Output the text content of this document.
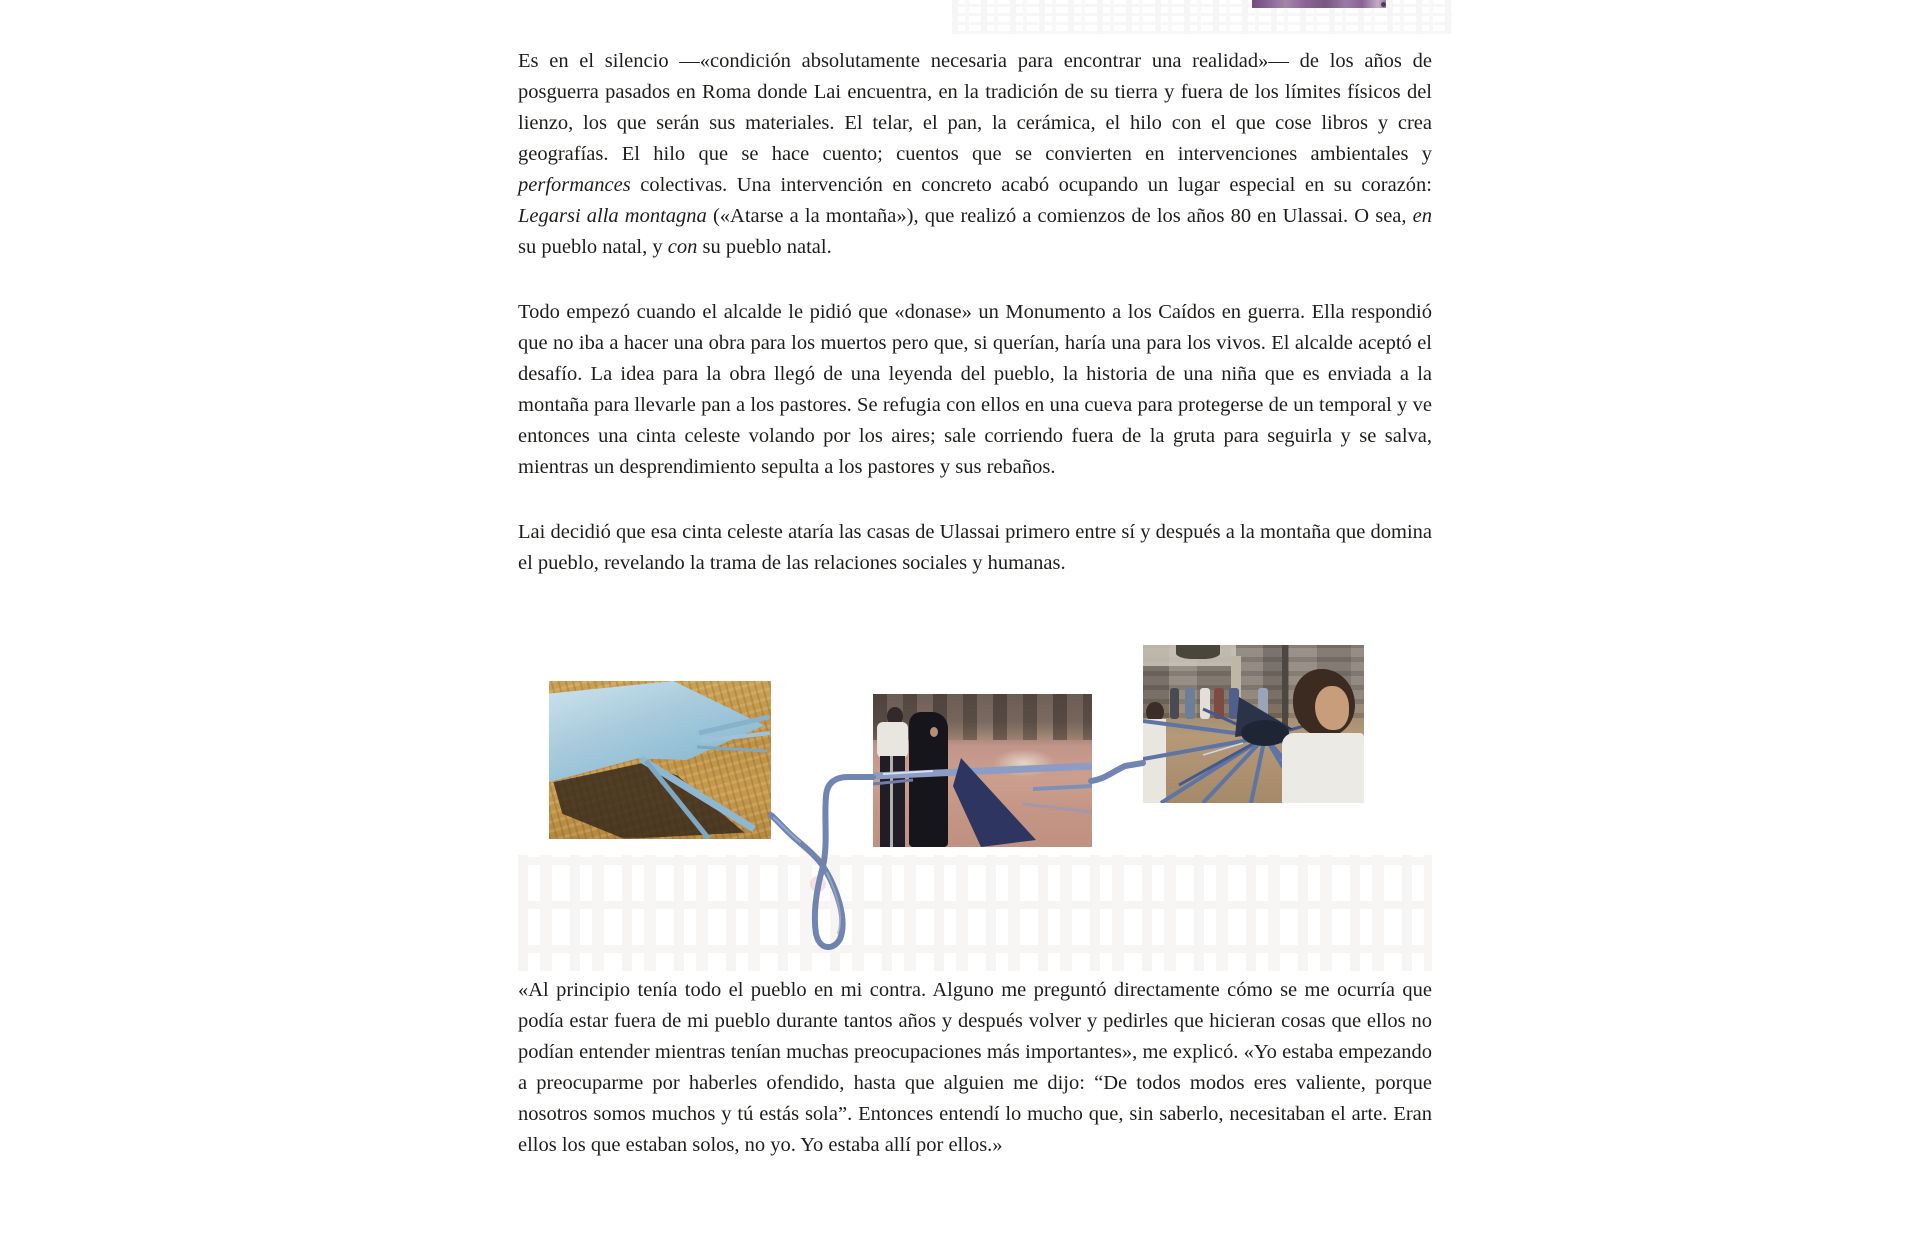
Es en el silencio —«condición absolutamente necesaria para encontrar una realidad»— de los años de posguerra pasados en Roma donde Lai encuentra, en la tradición de su tierra y fuera de los límites físicos del lienzo, los que serán sus materiales. El telar, el pan, la cerámica, el hilo con el que cose libros y crea geografías. El hilo que se hace cuento; cuentos que se convierten en intervenciones ambientales y performances colectivas. Una intervención en concreto acabó ocupando un lugar especial en su corazón: Legarsi alla montagna («Atarse a la montaña»), que realizó a comienzos de los años 80 en Ulassai. O sea, en su pueblo natal, y con su pueblo natal.

Todo empezó cuando el alcalde le pidió que «donase» un Monumento a los Caídos en guerra. Ella respondió que no iba a hacer una obra para los muertos pero que, si querían, haría una para los vivos. El alcalde aceptó el desafío. La idea para la obra llegó de una leyenda del pueblo, la historia de una niña que es enviada a la montaña para llevarle pan a los pastores. Se refugia con ellos en una cueva para protegerse de un temporal y ve entonces una cinta celeste volando por los aires; sale corriendo fuera de la gruta para seguirla y se salva, mientras un desprendimiento sepulta a los pastores y sus rebaños.

Lai decidió que esa cinta celeste ataría las casas de Ulassai primero entre sí y después a la montaña que domina el pueblo, revelando la trama de las relaciones sociales y humanas.

«Al principio tenía todo el pueblo en mi contra. Alguno me preguntó directamente cómo se me ocurría que podía estar fuera de mi pueblo durante tantos años y después volver y pedirles que hicieran cosas que ellos no podían entender mientras tenían muchas preocupaciones más importantes», me explicó. «Yo estaba empezando a preocuparme por haberles ofendido, hasta que alguien me dijo: “De todos modos eres valiente, porque nosotros somos muchos y tú estás sola”. Entonces entendí lo mucho que, sin saberlo, necesitaban el arte. Eran ellos los que estaban solos, no yo. Yo estaba allí por ellos.»
